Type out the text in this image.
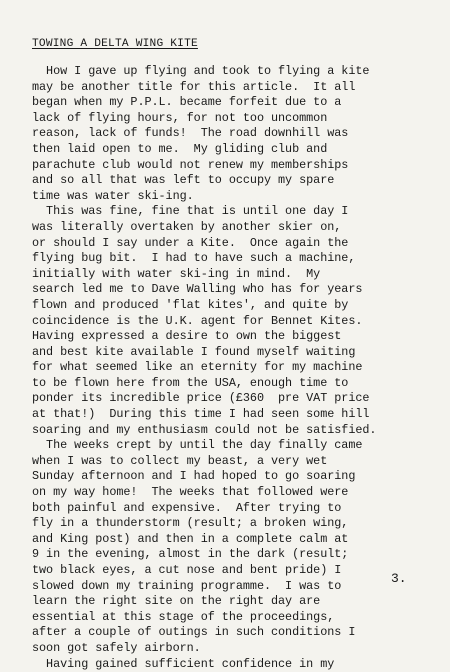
TOWING A DELTA WING KITE
How I gave up flying and took to flying a kite
may be another title for this article.  It all
began when my P.P.L. became forfeit due to a
lack of flying hours, for not too uncommon
reason, lack of funds!  The road downhill was
then laid open to me.  My gliding club and
parachute club would not renew my memberships
and so all that was left to occupy my spare
time was water ski-ing.
This was fine, fine that is until one day I
was literally overtaken by another skier on,
or should I say under a Kite.  Once again the
flying bug bit.  I had to have such a machine,
initially with water ski-ing in mind.  My
search led me to Dave Walling who has for years
flown and produced 'flat kites', and quite by
coincidence is the U.K. agent for Bennet Kites.
Having expressed a desire to own the biggest
and best kite available I found myself waiting
for what seemed like an eternity for my machine
to be flown here from the USA, enough time to
ponder its incredible price (£360  pre VAT price
at that!)  During this time I had seen some hill
soaring and my enthusiasm could not be satisfied.
The weeks crept by until the day finally came
when I was to collect my beast, a very wet
Sunday afternoon and I had hoped to go soaring
on my way home!  The weeks that followed were
both painful and expensive.  After trying to
fly in a thunderstorm (result; a broken wing,
and King post) and then in a complete calm at
9 in the evening, almost in the dark (result;
two black eyes, a cut nose and bent pride) I
slowed down my training programme.  I was to
learn the right site on the right day are
essential at this stage of the proceedings,
after a couple of outings in such conditions I
soon got safely airborn.
Having gained sufficient confidence in my
3.
